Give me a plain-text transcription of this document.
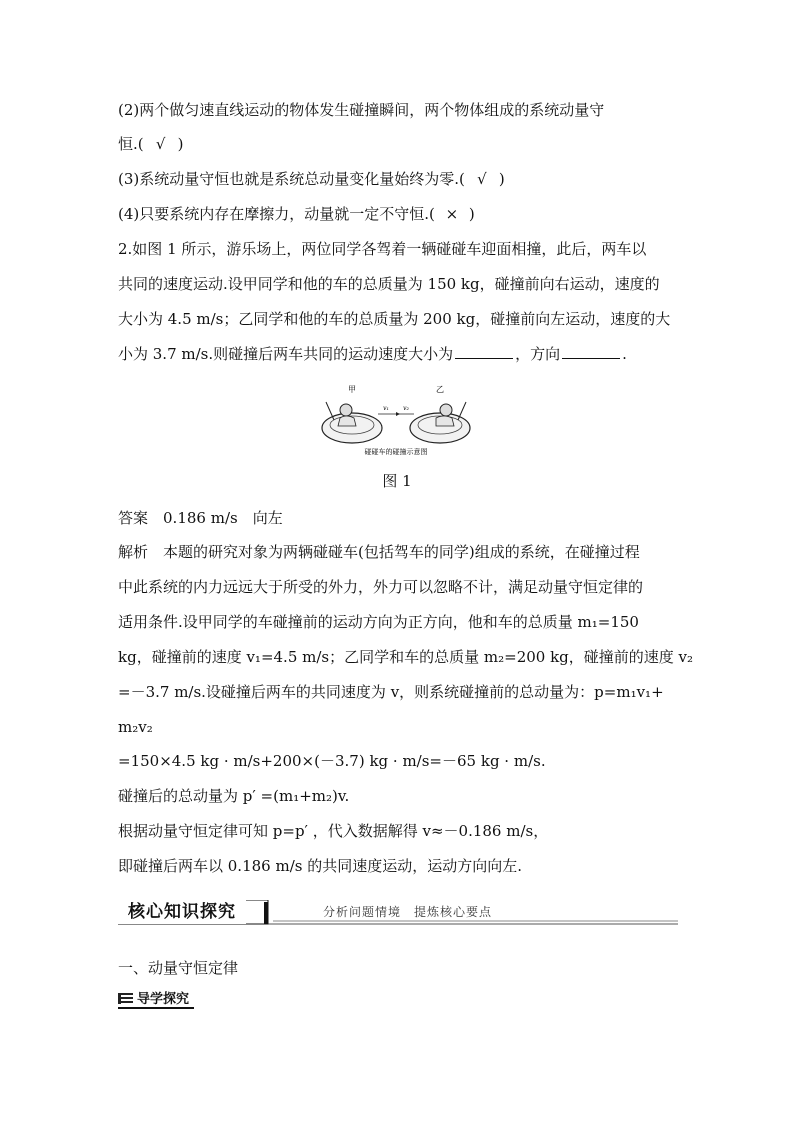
(2)两个做匀速直线运动的物体发生碰撞瞬间，两个物体组成的系统动量守
恒.( √ )
(3)系统动量守恒也就是系统总动量变化量始终为零.( √ )
(4)只要系统内存在摩擦力，动量就一定不守恒.( × )
2.如图 1 所示，游乐场上，两位同学各驾着一辆碰碰车迎面相撞，此后，两车以
共同的速度运动.设甲同学和他的车的总质量为 150 kg，碰撞前向右运动，速度的
大小为 4.5 m/s；乙同学和他的车的总质量为 200 kg，碰撞前向左运动，速度的大
小为 3.7 m/s.则碰撞后两车共同的运动速度大小为	，方向	.
甲	乙
v₁ v₂
碰碰车的碰撞示意图
图 1
答案  0.186 m/s  向左
解析  本题的研究对象为两辆碰碰车(包括驾车的同学)组成的系统，在碰撞过程
中此系统的内力远远大于所受的外力，外力可以忽略不计，满足动量守恒定律的
适用条件.设甲同学的车碰撞前的运动方向为正方向，他和车的总质量 m₁=150
kg，碰撞前的速度 v₁=4.5 m/s；乙同学和车的总质量 m₂=200 kg，碰撞前的速度 v₂
=－3.7 m/s.设碰撞后两车的共同速度为 v，则系统碰撞前的总动量为：p=m₁v₁+
m₂v₂
=150×4.5 kg · m/s+200×(－3.7) kg · m/s=－65 kg · m/s.
碰撞后的总动量为 p′ =(m₁+m₂)v.
根据动量守恒定律可知 p=p′ ，代入数据解得 v≈－0.186 m/s，
即碰撞后两车以 0.186 m/s 的共同速度运动，运动方向向左.
核心知识探究	分析问题情境　提炼核心要点
一、动量守恒定律
导学探究
